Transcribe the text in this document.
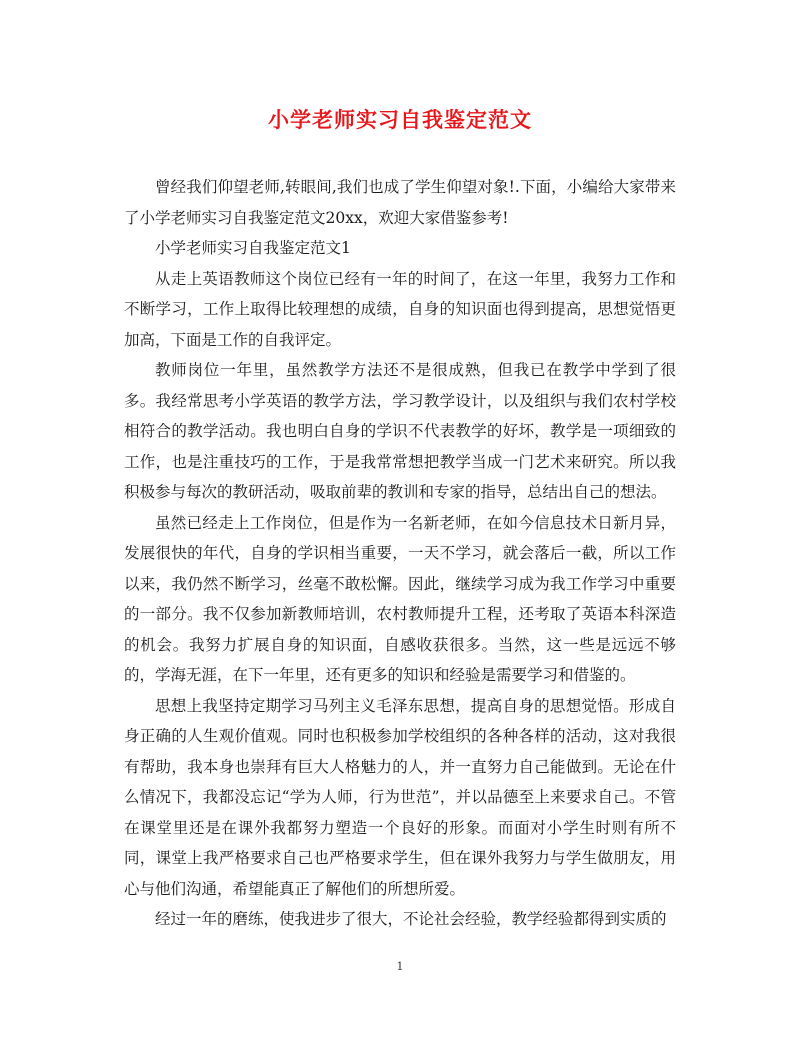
小学老师实习自我鉴定范文

曾经我们仰望老师,转眼间,我们也成了学生仰望对象!.下面，小编给大家带来了小学老师实习自我鉴定范文20xx，欢迎大家借鉴参考!

小学老师实习自我鉴定范文1

从走上英语教师这个岗位已经有一年的时间了，在这一年里，我努力工作和不断学习，工作上取得比较理想的成绩，自身的知识面也得到提高，思想觉悟更加高，下面是工作的自我评定。

教师岗位一年里，虽然教学方法还不是很成熟，但我已在教学中学到了很多。我经常思考小学英语的教学方法，学习教学设计，以及组织与我们农村学校相符合的教学活动。我也明白自身的学识不代表教学的好坏，教学是一项细致的工作，也是注重技巧的工作，于是我常常想把教学当成一门艺术来研究。所以我积极参与每次的教研活动，吸取前辈的教训和专家的指导，总结出自己的想法。

虽然已经走上工作岗位，但是作为一名新老师，在如今信息技术日新月异，发展很快的年代，自身的学识相当重要，一天不学习，就会落后一截，所以工作以来，我仍然不断学习，丝毫不敢松懈。因此，继续学习成为我工作学习中重要的一部分。我不仅参加新教师培训，农村教师提升工程，还考取了英语本科深造的机会。我努力扩展自身的知识面，自感收获很多。当然，这一些是远远不够的，学海无涯，在下一年里，还有更多的知识和经验是需要学习和借鉴的。

思想上我坚持定期学习马列主义毛泽东思想，提高自身的思想觉悟。形成自身正确的人生观价值观。同时也积极参加学校组织的各种各样的活动，这对我很有帮助，我本身也崇拜有巨大人格魅力的人，并一直努力自己能做到。无论在什么情况下，我都没忘记“学为人师，行为世范”，并以品德至上来要求自己。不管在课堂里还是在课外我都努力塑造一个良好的形象。而面对小学生时则有所不同，课堂上我严格要求自己也严格要求学生，但在课外我努力与学生做朋友，用心与他们沟通，希望能真正了解他们的所想所爱。

经过一年的磨练，使我进步了很大，不论社会经验，教学经验都得到实质的

1
